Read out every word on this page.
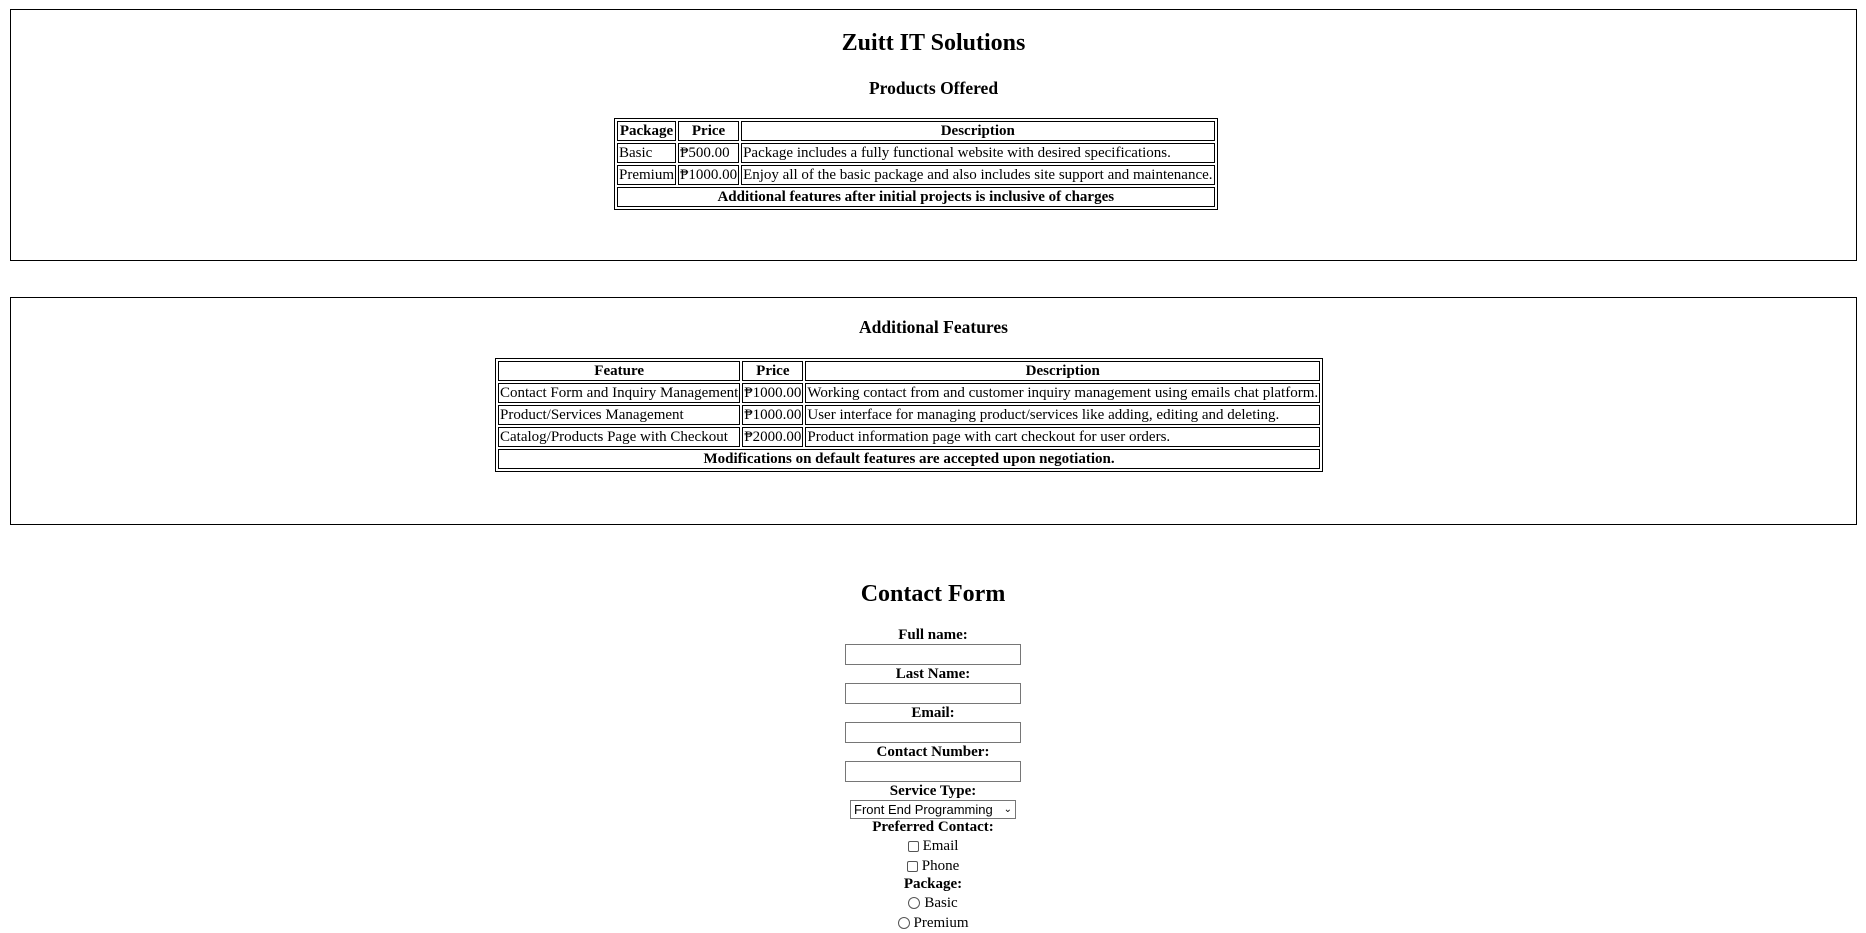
Zuitt IT Solutions
Products Offered
Package	Price	Description
Basic	₱500.00	Package includes a fully functional website with desired specifications.
Premium	₱1000.00	Enjoy all of the basic package and also includes site support and maintenance.
Additional features after initial projects is inclusive of charges		
Additional Features
Feature	Price	Description
Contact Form and Inquiry Management	₱1000.00	Working contact from and customer inquiry management using emails chat platform.
Product/Services Management	₱1000.00	User interface for managing product/services like adding, editing and deleting.
Catalog/Products Page with Checkout	₱2000.00	Product information page with cart checkout for user orders.
Modifications on default features are accepted upon negotiation.		
Contact Form
Full name:
Last Name:
Email:
Contact Number:
Service Type:
Front End Programming ⌄
Preferred Contact:
Email
Phone
Package:
Basic
Premium
